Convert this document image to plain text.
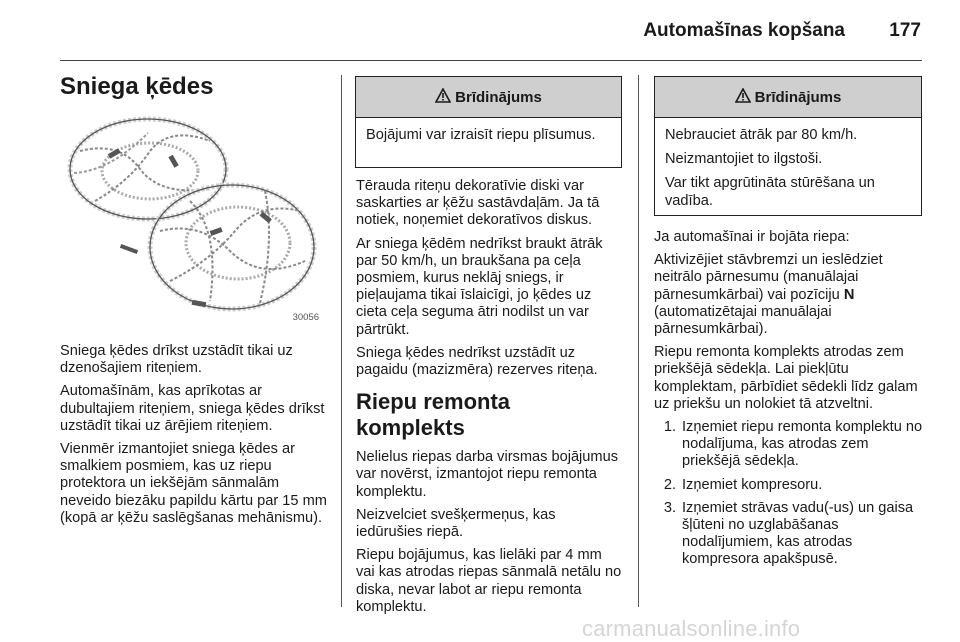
Automašīnas kopšana 177
Sniega ķēdes
30056

Sniega ķēdes drīkst uzstādīt tikai uz dzenošajiem riteņiem.

Automašīnām, kas aprīkotas ar dubultajiem riteņiem, sniega ķēdes drīkst uzstādīt tikai uz ārējiem riteņiem.

Vienmēr izmantojiet sniega ķēdes ar smalkiem posmiem, kas uz riepu protektora un iekšējām sānmalām neveido biezāku papildu kārtu par 15 mm (kopā ar ķēžu saslēgšanas mehānismu).

Brīdinājums

Bojājumi var izraisīt riepu plīsumus.

Tērauda riteņu dekoratīvie diski var saskarties ar ķēžu sastāvdaļām. Ja tā notiek, noņemiet dekoratīvos diskus.

Ar sniega ķēdēm nedrīkst braukt ātrāk par 50 km/h, un braukšana pa ceļa posmiem, kurus neklāj sniegs, ir pieļaujama tikai īslaicīgi, jo ķēdes uz cieta ceļa seguma ātri nodilst un var pārtrūkt.

Sniega ķēdes nedrīkst uzstādīt uz pagaidu (mazizmēra) rezerves riteņa.

Riepu remonta komplekts

Nelielus riepas darba virsmas bojājumus var novērst, izmantojot riepu remonta komplektu.

Neizvelciet svešķermeņus, kas iedūrušies riepā.

Riepu bojājumus, kas lielāki par 4 mm vai kas atrodas riepas sānmalā netālu no diska, nevar labot ar riepu remonta komplektu.

Brīdinājums

Nebrauciet ātrāk par 80 km/h.

Neizmantojiet to ilgstoši.

Var tikt apgrūtināta stūrēšana un vadība.

Ja automašīnai ir bojāta riepa:

Aktivizējiet stāvbremzi un ieslēdziet neitrālo pārnesumu (manuālajai pārnesumkārbai) vai pozīciju N (automatizētajai manuālajai pārnesumkārbai).

Riepu remonta komplekts atrodas zem priekšējā sēdekļa. Lai piekļūtu komplektam, pārbīdiet sēdekli līdz galam uz priekšu un nolokiet tā atzveltni.

1. Izņemiet riepu remonta komplektu no nodalījuma, kas atrodas zem priekšējā sēdekļa.
2. Izņemiet kompresoru.
3. Izņemiet strāvas vadu(-us) un gaisa šļūteni no uzglabāšanas nodalījumiem, kas atrodas kompresora apakšpusē.
carmanualsonline.info
